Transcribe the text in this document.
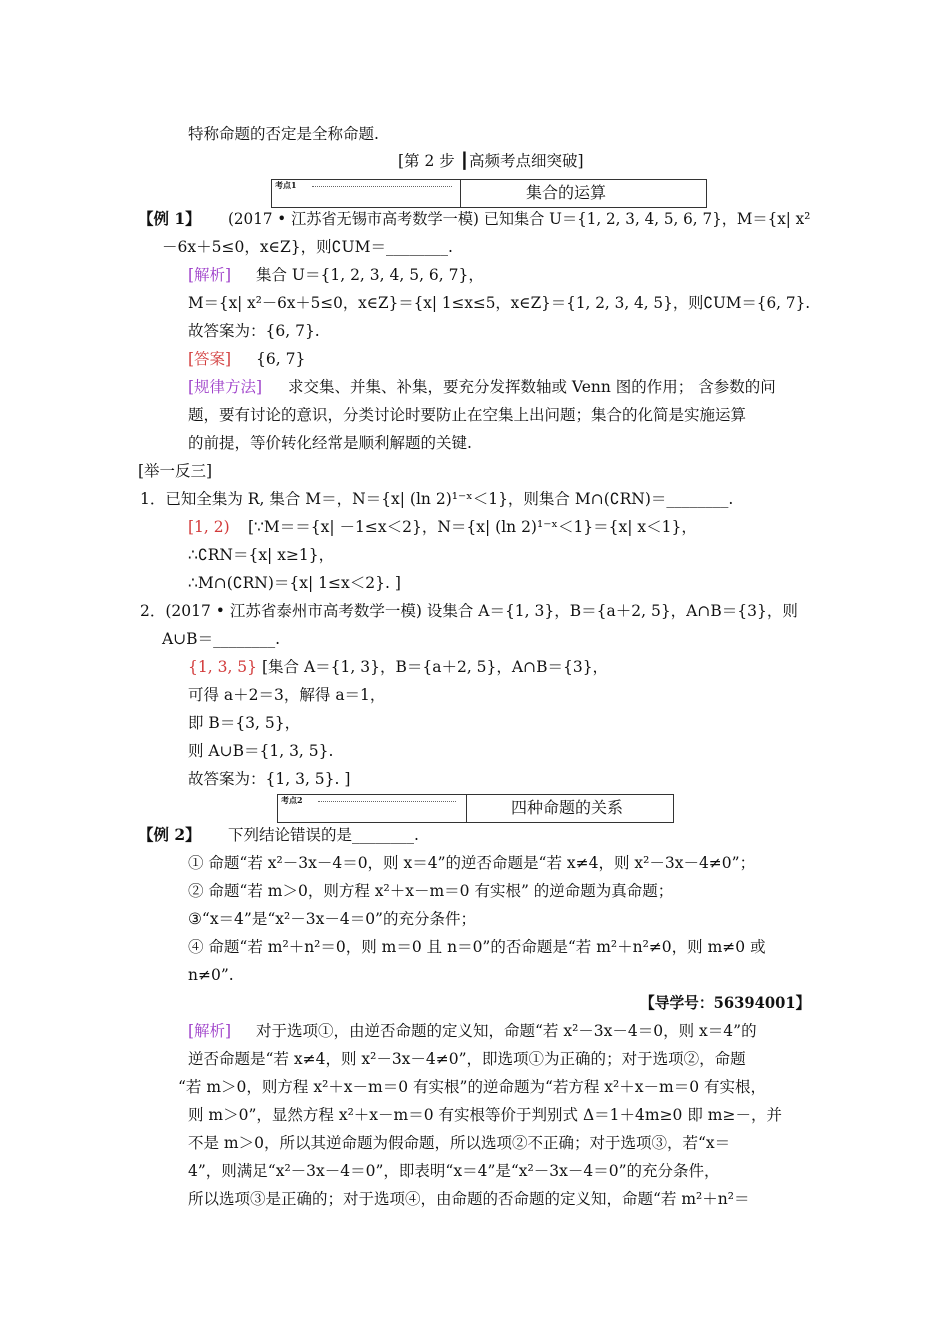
特称命题的否定是全称命题.
[第 2 步 ┃高频考点细突破]
考点1	集合的运算
【例 1】 (2017 • 江苏省无锡市高考数学一模) 已知集合 U＝{1, 2, 3, 4, 5, 6, 7}，M＝{x| x²
－6x＋5≤0，x∈Z}，则∁UM＝________.
[解析] 集合 U＝{1, 2, 3, 4, 5, 6, 7}，
M＝{x| x²－6x＋5≤0，x∈Z}＝{x| 1≤x≤5，x∈Z}＝{1, 2, 3, 4, 5}，则∁UM＝{6, 7}.
故答案为：{6, 7}.
[答案] {6, 7}
[规律方法] 求交集、并集、补集，要充分发挥数轴或 Venn 图的作用； 含参数的问
题，要有讨论的意识，分类讨论时要防止在空集上出问题；集合的化简是实施运算
的前提，等价转化经常是顺利解题的关键.
[举一反三]
1．已知全集为 R, 集合 M＝，N＝{x| (ln 2)¹⁻ˣ＜1}，则集合 M∩(∁RN)＝________.
[1, 2) [∵M＝＝{x| －1≤x＜2}，N＝{x| (ln 2)¹⁻ˣ＜1}＝{x| x＜1}，
∴∁RN＝{x| x≥1}，
∴M∩(∁RN)＝{x| 1≤x＜2}. ]
2．(2017 • 江苏省泰州市高考数学一模) 设集合 A＝{1, 3}，B＝{a＋2, 5}，A∩B＝{3}，则
A∪B＝________.
{1, 3, 5} [集合 A＝{1, 3}，B＝{a＋2, 5}，A∩B＝{3}，
可得 a＋2＝3，解得 a＝1，
即 B＝{3, 5}，
则 A∪B＝{1, 3, 5}.
故答案为：{1, 3, 5}. ]
考点2	四种命题的关系
【例 2】 下列结论错误的是________.
① 命题“若 x²－3x－4＝0，则 x＝4”的逆否命题是“若 x≠4，则 x²－3x－4≠0”；
② 命题“若 m＞0，则方程 x²＋x－m＝0 有实根” 的逆命题为真命题；
③“x＝4”是“x²－3x－4＝0”的充分条件；
④ 命题“若 m²＋n²＝0，则 m＝0 且 n＝0”的否命题是“若 m²＋n²≠0，则 m≠0 或
n≠0”.
【导学号：56394001】
[解析] 对于选项①，由逆否命题的定义知，命题“若 x²－3x－4＝0，则 x＝4”的
逆否命题是“若 x≠4，则 x²－3x－4≠0”，即选项①为正确的；对于选项②，命题
“若 m＞0，则方程 x²＋x－m＝0 有实根”的逆命题为“若方程 x²＋x－m＝0 有实根，
则 m＞0”，显然方程 x²＋x－m＝0 有实根等价于判别式 Δ＝1＋4m≥0 即 m≥－，并
不是 m＞0，所以其逆命题为假命题，所以选项②不正确；对于选项③，若“x＝
4”，则满足“x²－3x－4＝0”，即表明“x＝4”是“x²－3x－4＝0”的充分条件，
所以选项③是正确的；对于选项④，由命题的否命题的定义知，命题“若 m²＋n²＝
